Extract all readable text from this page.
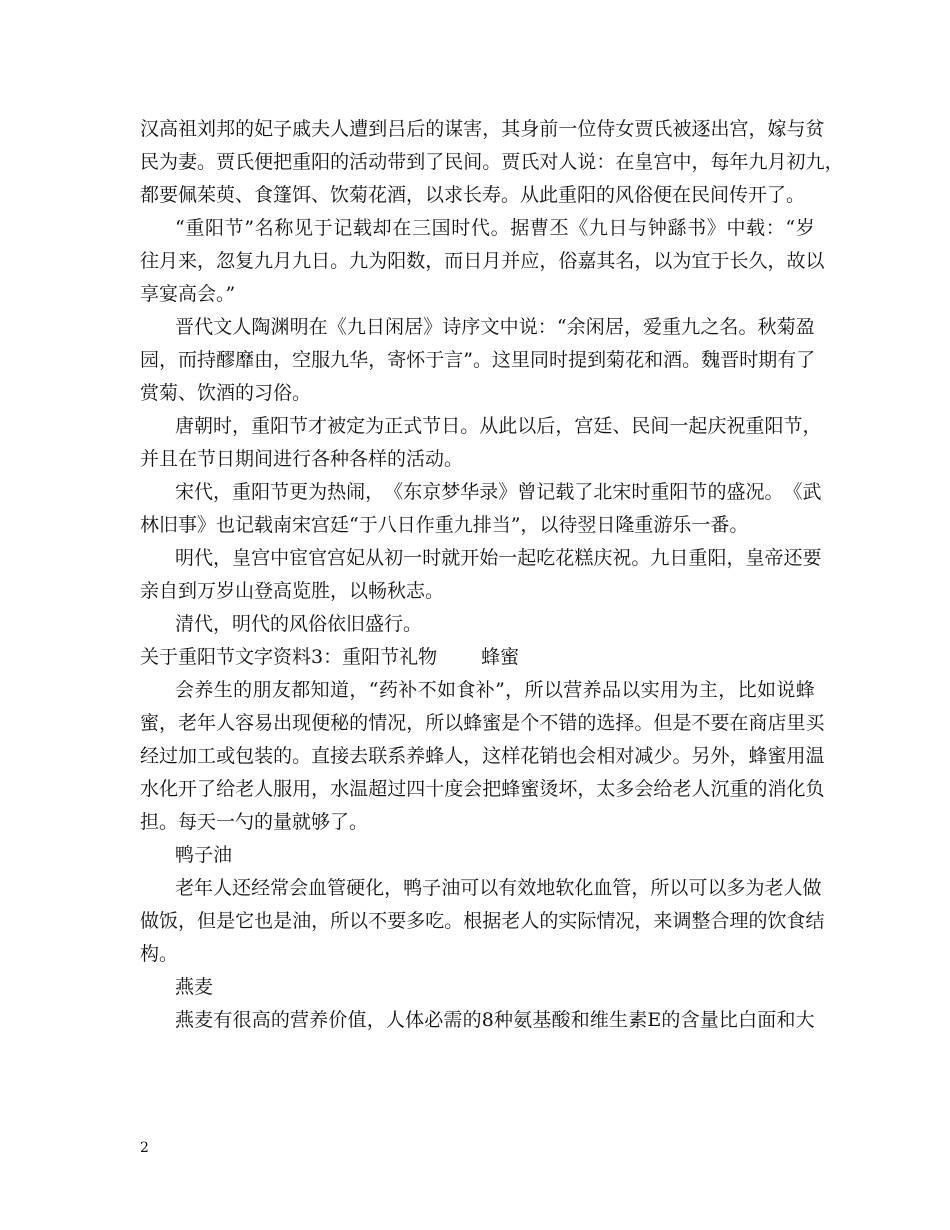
汉 高 祖 刘 邦 的 妃 子 戚 夫 人 遭 到 吕 后 的 谋 害 ， 其 身 前 一 位 侍 女 贾 氏 被 逐 出 宫 ， 嫁 与 贫
民 为 妻 。 贾 氏 便 把 重 阳 的 活 动 带 到 了 民 间 。 贾 氏 对 人 说 ： 在 皇 宫 中 ， 每 年 九 月 初 九 ，
都要佩茱萸、食篷饵、饮菊花酒，以求长寿。从此重阳的风俗便在民间传开了。
“ 重 阳 节 ” 名 称 见 于 记 载 却 在 三 国 时 代 。 据 曹 丕 《 九 日 与 钟 繇 书 》 中 载 ： “ 岁
往 月 来 ， 忽 复 九 月 九 日 。 九 为 阳 数 ， 而 日 月 并 应 ， 俗 嘉 其 名 ， 以 为 宜 于 长 久 ， 故 以
享宴高会。”
晋 代 文 人 陶 渊 明 在 《 九 日 闲 居 》 诗 序 文 中 说 ： “ 余 闲 居 ， 爱 重 九 之 名 。 秋 菊 盈
园 ， 而 持 醪 靡 由 ， 空 服 九 华 ， 寄 怀 于 言 ” 。 这 里 同 时 提 到 菊 花 和 酒 。 魏 晋 时 期 有 了
赏菊、饮酒的习俗。
唐 朝 时 ， 重 阳 节 才 被 定 为 正 式 节 日 。 从 此 以 后 ， 宫 廷 、 民 间 一 起 庆 祝 重 阳 节 ，
并且在节日期间进行各种各样的活动。
宋 代 ， 重 阳 节 更 为 热 闹 ， 《 东 京 梦 华 录 》 曾 记 载 了 北 宋 时 重 阳 节 的 盛 况 。 《 武
林旧事》也记载南宋宫廷“于八日作重九排当”，以待翌日隆重游乐一番。
明 代 ， 皇 宫 中 宦 官 宫 妃 从 初 一 时 就 开 始 一 起 吃 花 糕 庆 祝 。 九 日 重 阳 ， 皇 帝 还 要
亲自到万岁山登高览胜，以畅秋志。
清代，明代的风俗依旧盛行。
关于重阳节文字资料3：重阳节礼物 蜂蜜
会 养 生 的 朋 友 都 知 道 ， “ 药 补 不 如 食 补 ” ， 所 以 营 养 品 以 实 用 为 主 ， 比 如 说 蜂
蜜 ， 老 年 人 容 易 出 现 便 秘 的 情 况 ， 所 以 蜂 蜜 是 个 不 错 的 选 择 。 但 是 不 要 在 商 店 里 买
经 过 加 工 或 包 装 的 。 直 接 去 联 系 养 蜂 人 ， 这 样 花 销 也 会 相 对 减 少 。 另 外 ， 蜂 蜜 用 温
水 化 开 了 给 老 人 服 用 ， 水 温 超 过 四 十 度 会 把 蜂 蜜 烫 坏 ， 太 多 会 给 老 人 沉 重 的 消 化 负
担。每天一勺的量就够了。
鸭子油
老 年 人 还 经 常 会 血 管 硬 化 ， 鸭 子 油 可 以 有 效 地 软 化 血 管 ， 所 以 可 以 多 为 老 人 做
做 饭 ， 但 是 它 也 是 油 ， 所 以 不 要 多 吃 。 根 据 老 人 的 实 际 情 况 ， 来 调 整 合 理 的 饮 食 结
构。
燕麦
燕 麦 有 很 高 的 营 养 价 值 ， 人 体 必 需 的 8 种 氨 基 酸 和 维 生 素 E 的 含 量 比 白 面 和 大
2
